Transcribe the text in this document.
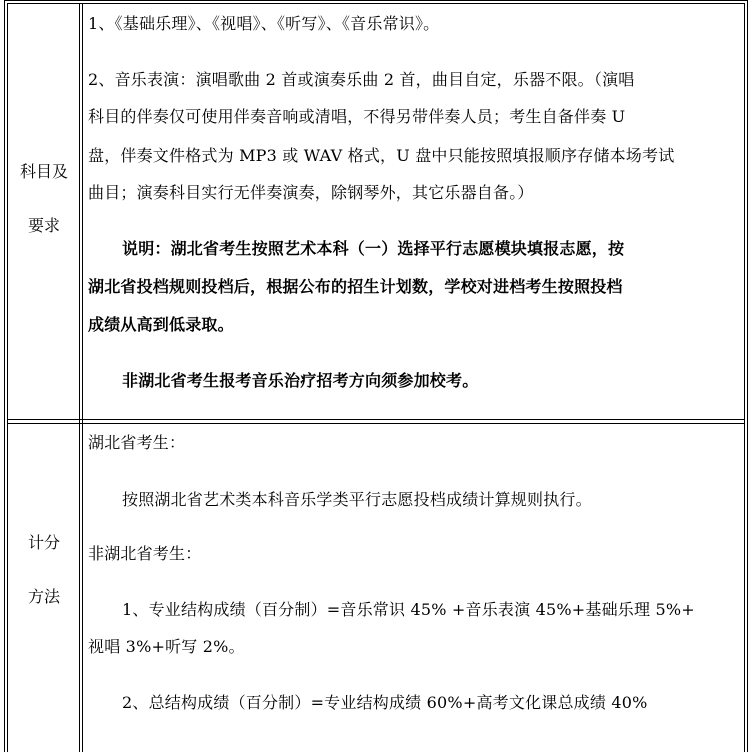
科目及
要求
1、《基础乐理》、《视唱》、《听写》、《音乐常识》。
2、音乐表演：演唱歌曲 2 首或演奏乐曲 2 首，曲目自定，乐器不限。（演唱
科目的伴奏仅可使用伴奏音响或清唱，不得另带伴奏人员；考生自备伴奏 U
盘，伴奏文件格式为 MP3 或 WAV 格式，U 盘中只能按照填报顺序存储本场考试
曲目；演奏科目实行无伴奏演奏，除钢琴外，其它乐器自备。）
说明：湖北省考生按照艺术本科（一）选择平行志愿模块填报志愿，按
湖北省投档规则投档后，根据公布的招生计划数，学校对进档考生按照投档
成绩从高到低录取。
非湖北省考生报考音乐治疗招考方向须参加校考。
计分
方法
湖北省考生：
按照湖北省艺术类本科音乐学类平行志愿投档成绩计算规则执行。
非湖北省考生：
1、专业结构成绩（百分制）=音乐常识 45% +音乐表演 45%+基础乐理 5%+
视唱 3%+听写 2%。
2、总结构成绩（百分制）=专业结构成绩 60%+高考文化课总成绩 40%
